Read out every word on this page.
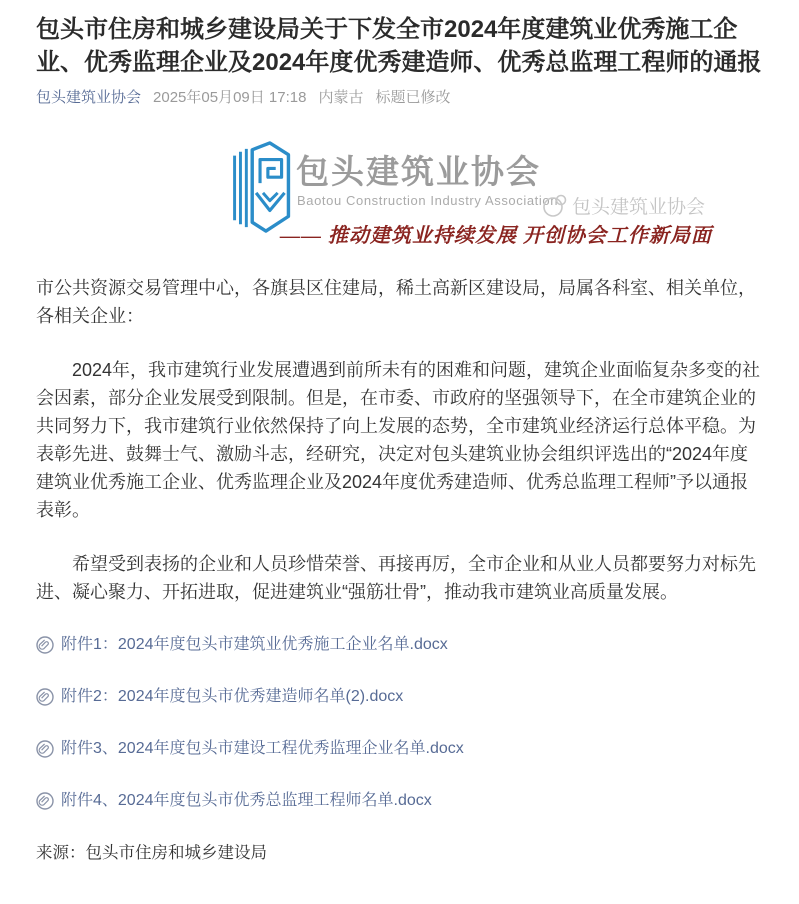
包头市住房和城乡建设局关于下发全市2024年度建筑业优秀施工企业、优秀监理企业及2024年度优秀建造师、优秀总监理工程师的通报
包头建筑业协会 2025年05月09日 17:18 内蒙古 标题已修改
包头建筑业协会
Baotou Construction Industry Association 包头建筑业协会
—— 推动建筑业持续发展 开创协会工作新局面

市公共资源交易管理中心，各旗县区住建局，稀土高新区建设局，局属各科室、相关单位，各相关企业：

2024年，我市建筑行业发展遭遇到前所未有的困难和问题，建筑企业面临复杂多变的社会因素，部分企业发展受到限制。但是，在市委、市政府的坚强领导下，在全市建筑企业的共同努力下，我市建筑行业依然保持了向上发展的态势，全市建筑业经济运行总体平稳。为表彰先进、鼓舞士气、激励斗志，经研究，决定对包头建筑业协会组织评选出的“2024年度建筑业优秀施工企业、优秀监理企业及2024年度优秀建造师、优秀总监理工程师”予以通报表彰。

希望受到表扬的企业和人员珍惜荣誉、再接再厉，全市企业和从业人员都要努力对标先进、凝心聚力、开拓进取，促进建筑业“强筋壮骨”，推动我市建筑业高质量发展。

附件1：2024年度包头市建筑业优秀施工企业名单.docx
附件2：2024年度包头市优秀建造师名单(2).docx
附件3、2024年度包头市建设工程优秀监理企业名单.docx
附件4、2024年度包头市优秀总监理工程师名单.docx
来源：包头市住房和城乡建设局
